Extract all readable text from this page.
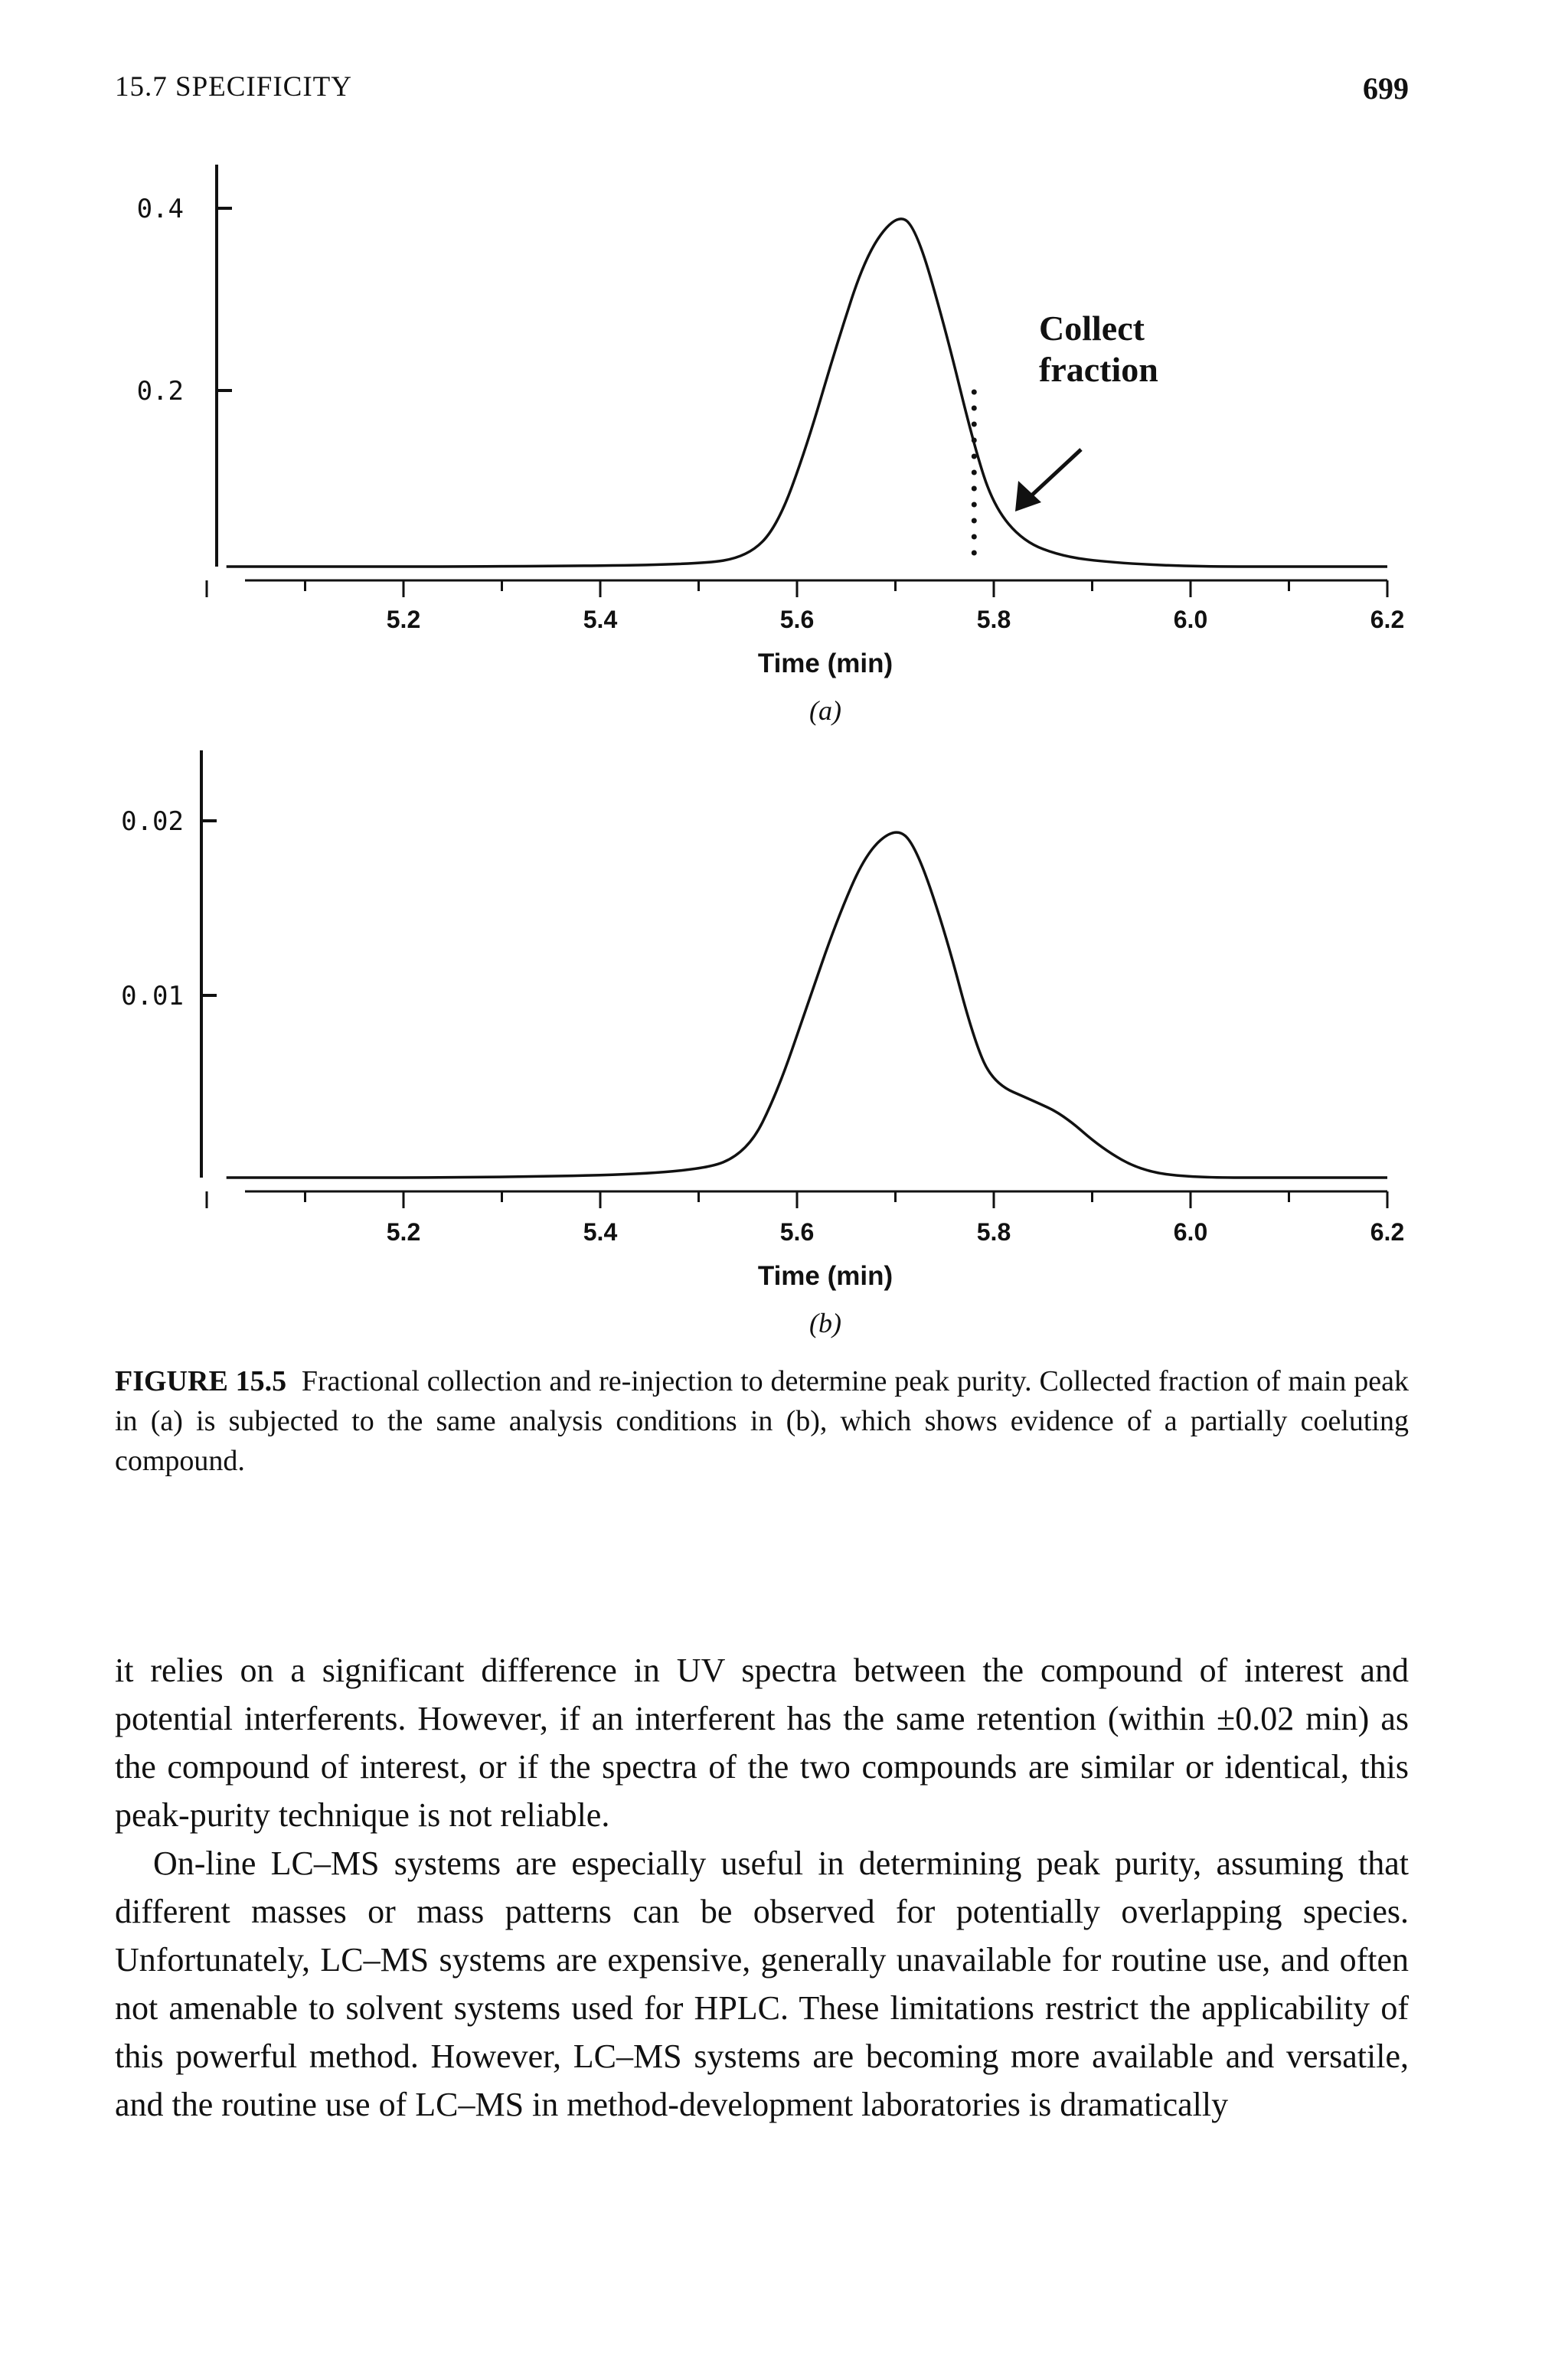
15.7 SPECIFICITY	699
0.4
0.2
5.2	5.4	5.6	5.8	6.0	6.2
Collect
fraction
Time (min)
(a)
0.02
0.01
5.2	5.4	5.6	5.8	6.0	6.2
Time (min)
(b)
FIGURE 15.5 Fractional collection and re-injection to determine peak purity. Collected fraction of main peak in (a) is subjected to the same analysis conditions in (b), which shows evidence of a partially coeluting compound.

it relies on a significant difference in UV spectra between the compound of interest and potential interferents. However, if an interferent has the same retention (within ±0.02 min) as the compound of interest, or if the spectra of the two compounds are similar or identical, this peak-purity technique is not reliable.

On-line LC–MS systems are especially useful in determining peak purity, assuming that different masses or mass patterns can be observed for potentially overlapping species. Unfortunately, LC–MS systems are expensive, generally unavailable for routine use, and often not amenable to solvent systems used for HPLC. These limitations restrict the applicability of this powerful method. However, LC–MS systems are becoming more available and versatile, and the routine use of LC–MS in method-development laboratories is dramatically
